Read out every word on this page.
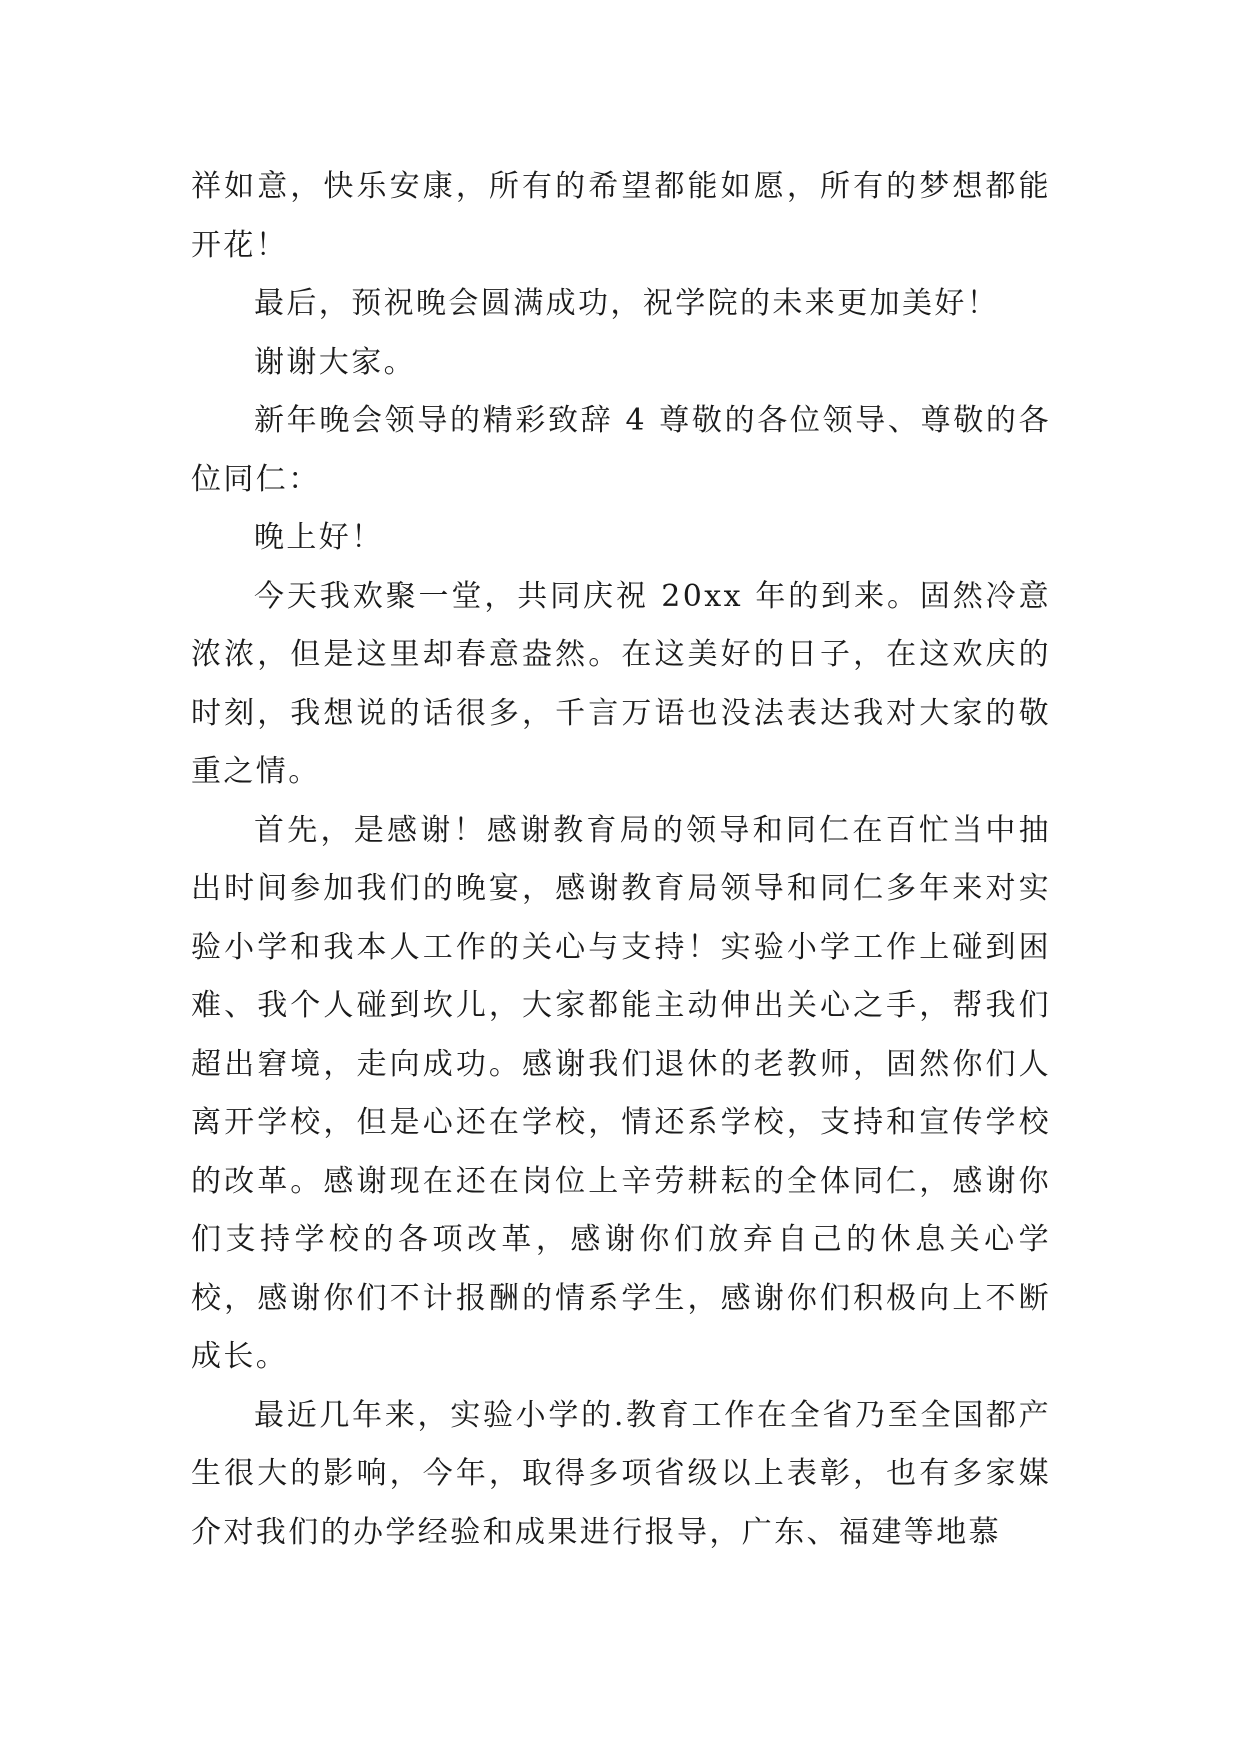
祥如意，快乐安康，所有的希望都能如愿，所有的梦想都能开花！

最后，预祝晚会圆满成功，祝学院的未来更加美好！

谢谢大家。

新年晚会领导的精彩致辞 4 尊敬的各位领导、尊敬的各位同仁：

晚上好！

今天我欢聚一堂，共同庆祝 20xx 年的到来。固然冷意浓浓，但是这里却春意盎然。在这美好的日子，在这欢庆的时刻，我想说的话很多，千言万语也没法表达我对大家的敬重之情。

首先，是感谢！感谢教育局的领导和同仁在百忙当中抽出时间参加我们的晚宴，感谢教育局领导和同仁多年来对实验小学和我本人工作的关心与支持！实验小学工作上碰到困难、我个人碰到坎儿，大家都能主动伸出关心之手，帮我们超出窘境，走向成功。感谢我们退休的老教师，固然你们人离开学校，但是心还在学校，情还系学校，支持和宣传学校的改革。感谢现在还在岗位上辛劳耕耘的全体同仁，感谢你们支持学校的各项改革，感谢你们放弃自己的休息关心学校，感谢你们不计报酬的情系学生，感谢你们积极向上不断成长。

最近几年来，实验小学的.教育工作在全省乃至全国都产生很大的影响，今年，取得多项省级以上表彰，也有多家媒介对我们的办学经验和成果进行报导，广东、福建等地慕
